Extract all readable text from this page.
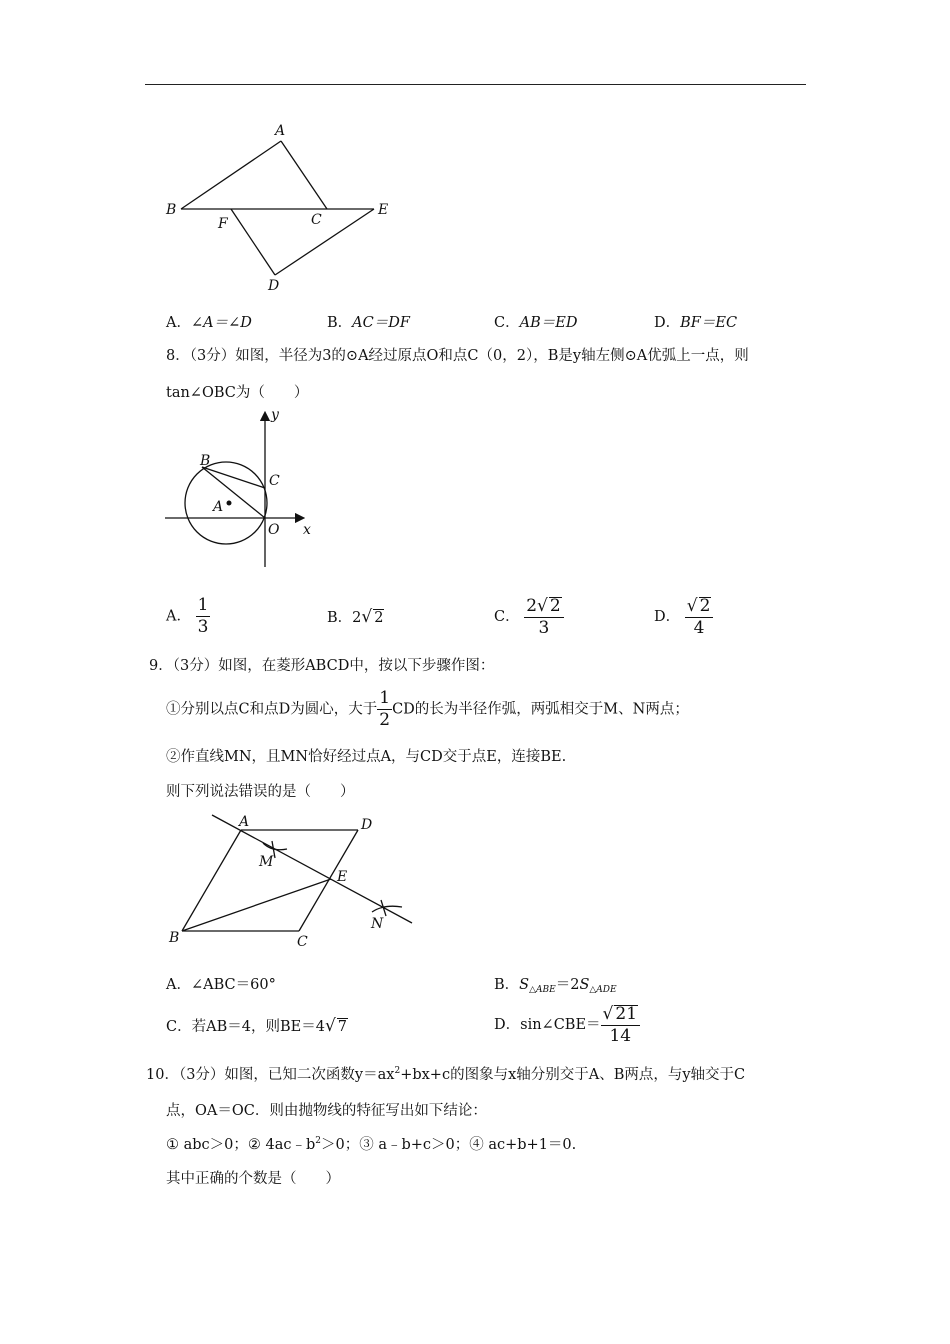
A
B
F	C
E
D
A．∠A＝∠D	B．AC＝DF	C．AB＝ED	D．BF＝EC
8．（3分）如图，半径为3的⊙A经过原点O和点C（0，2），B是y轴左侧⊙A优弧上一点，则
tan∠OBC为（　　）
y
x
B
C
A
O
A． $\frac{1}{3}$	B．2√ 2	C． $\frac{2√ 2}{3}$	D． $\frac{√ 2}{4}$
9．（3分）如图，在菱形ABCD中，按以下步骤作图：
①分别以点C和点D为圆心，大于 $\frac{1}{2}$ CD的长为半径作弧，两弧相交于M、N两点；
②作直线MN，且MN恰好经过点A，与CD交于点E，连接BE.
则下列说法错误的是（　　）
A	D
M
E
N
B	C
A．∠ABC＝60°	B．$S_{\triangle ABE}=2S_{\triangle ADE}$
C．若AB＝4，则BE＝4√ 7	D．sin∠CBE＝ $\frac{√ 21}{14}$
10．（3分）如图，已知二次函数$y=ax^2+bx+c$的图象与x轴分别交于A、B两点，与y轴交于C
点，OA＝OC．则由抛物线的特征写出如下结论：
① abc＞0；② $4ac﹣b^2>0$；③ a﹣b+c＞0；④ ac+b+1＝0.
其中正确的个数是（　　）
